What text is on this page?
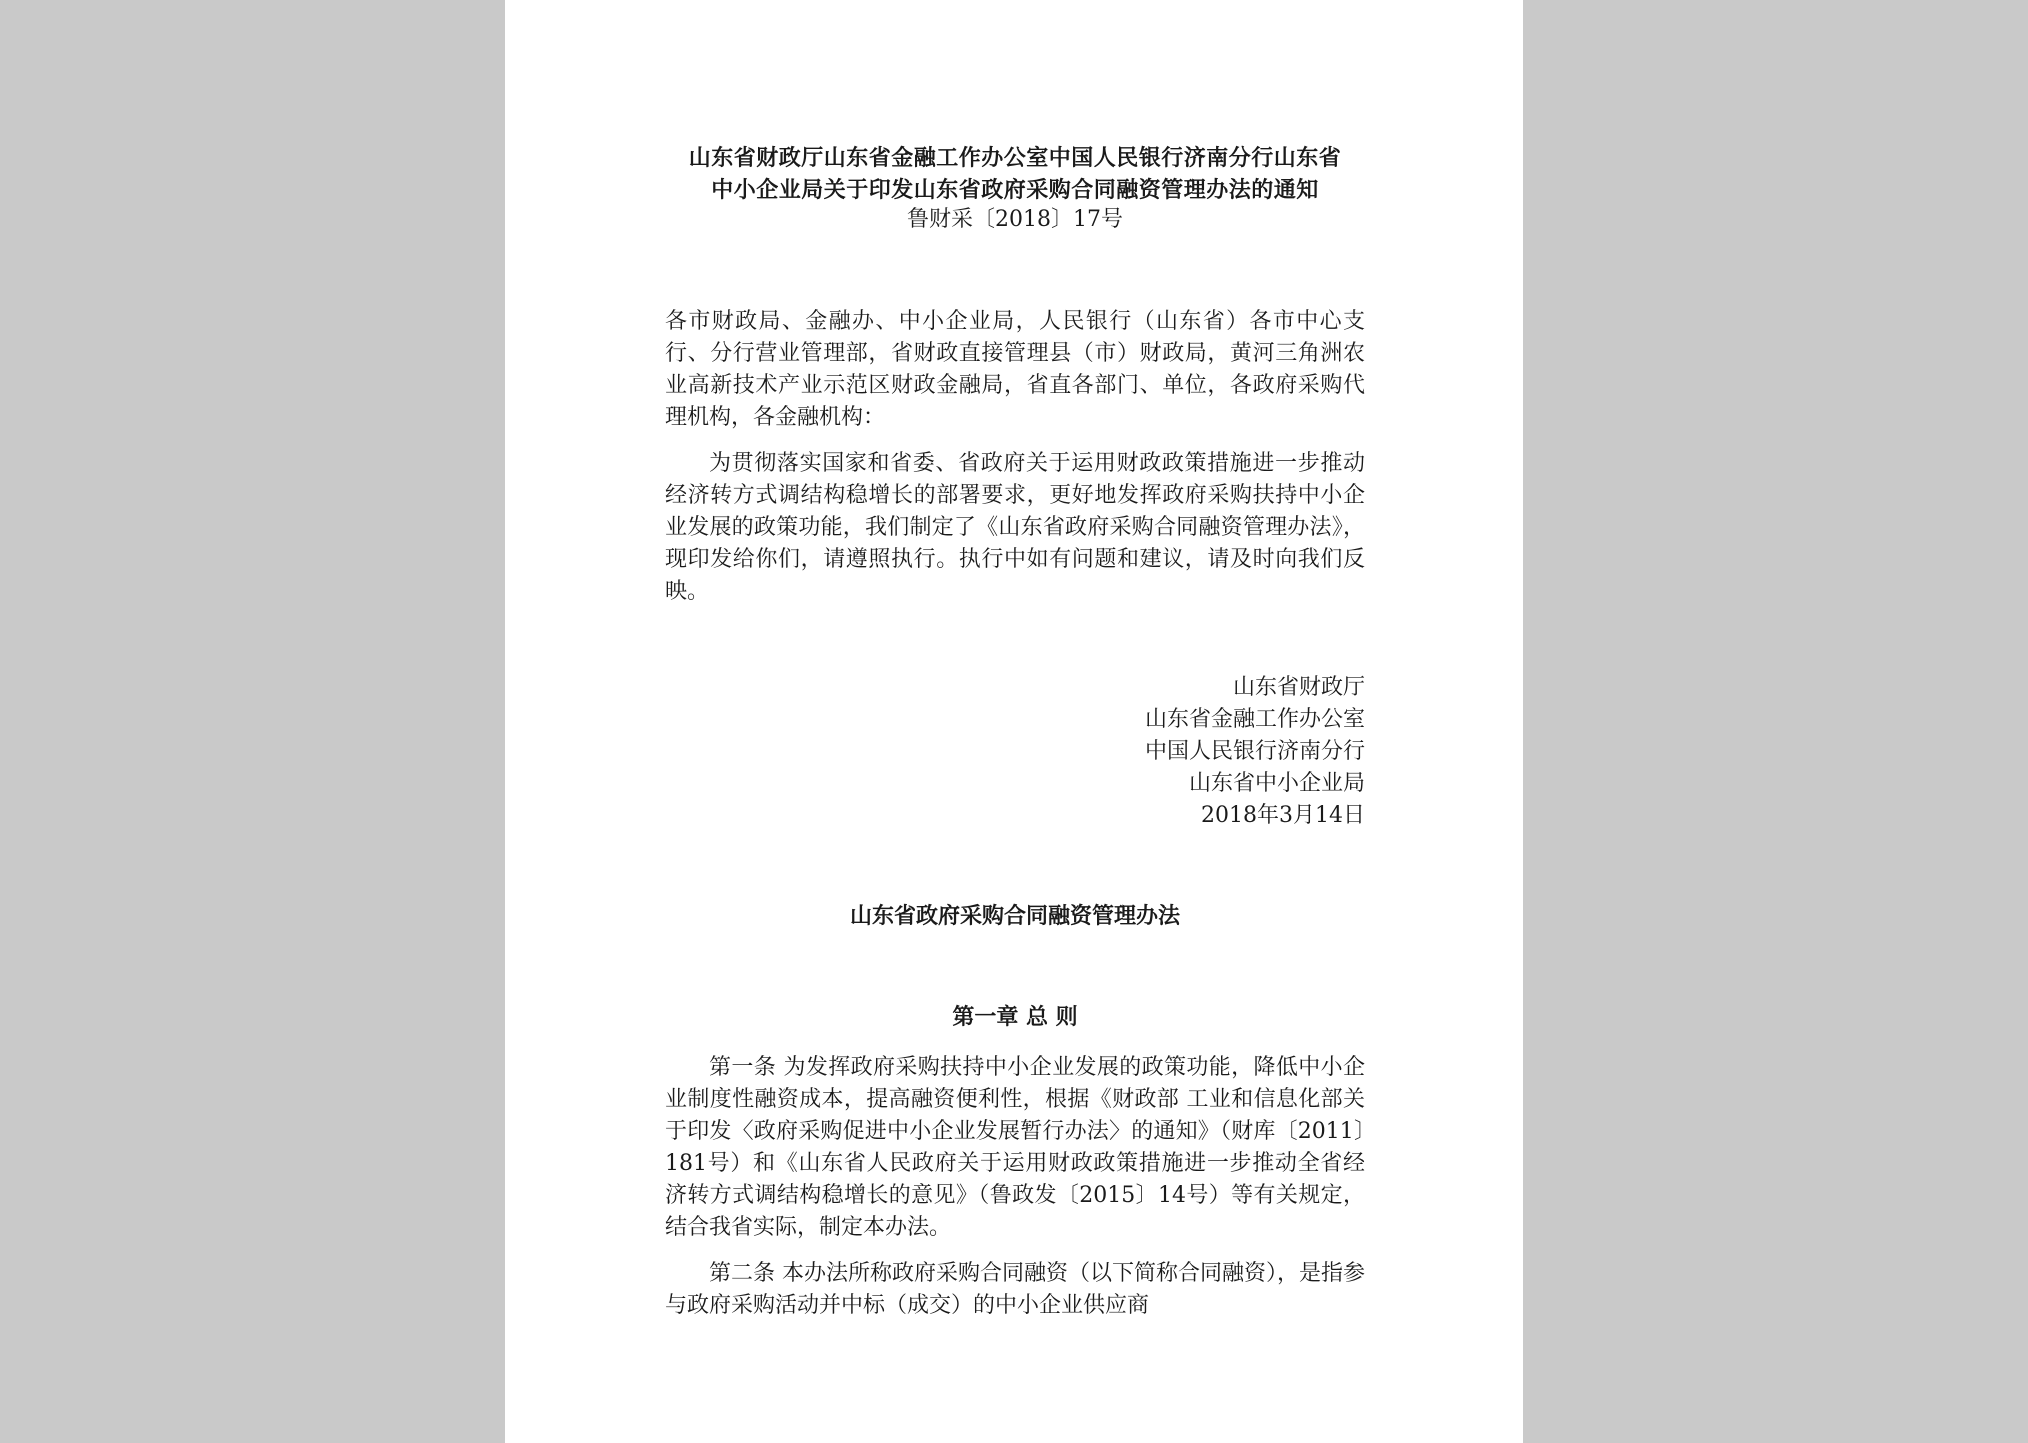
山东省财政厅山东省金融工作办公室中国人民银行济南分行山东省
中小企业局关于印发山东省政府采购合同融资管理办法的通知
鲁财采〔2018〕17号
各市财政局、金融办、中小企业局，人民银行（山东省）各市中心支行、分行营业管理部，省财政直接管理县（市）财政局，黄河三角洲农业高新技术产业示范区财政金融局，省直各部门、单位，各政府采购代理机构，各金融机构：
为贯彻落实国家和省委、省政府关于运用财政政策措施进一步推动经济转方式调结构稳增长的部署要求，更好地发挥政府采购扶持中小企业发展的政策功能，我们制定了《山东省政府采购合同融资管理办法》，现印发给你们，请遵照执行。执行中如有问题和建议，请及时向我们反映。
山东省财政厅
山东省金融工作办公室
中国人民银行济南分行
山东省中小企业局
2018年3月14日
山东省政府采购合同融资管理办法
第一章 总 则
第一条 为发挥政府采购扶持中小企业发展的政策功能，降低中小企业制度性融资成本，提高融资便利性，根据《财政部 工业和信息化部关于印发〈政府采购促进中小企业发展暂行办法〉的通知》（财库〔2011〕181号）和《山东省人民政府关于运用财政政策措施进一步推动全省经济转方式调结构稳增长的意见》（鲁政发〔2015〕14号）等有关规定，结合我省实际，制定本办法。
第二条 本办法所称政府采购合同融资（以下简称合同融资），是指参与政府采购活动并中标（成交）的中小企业供应商
